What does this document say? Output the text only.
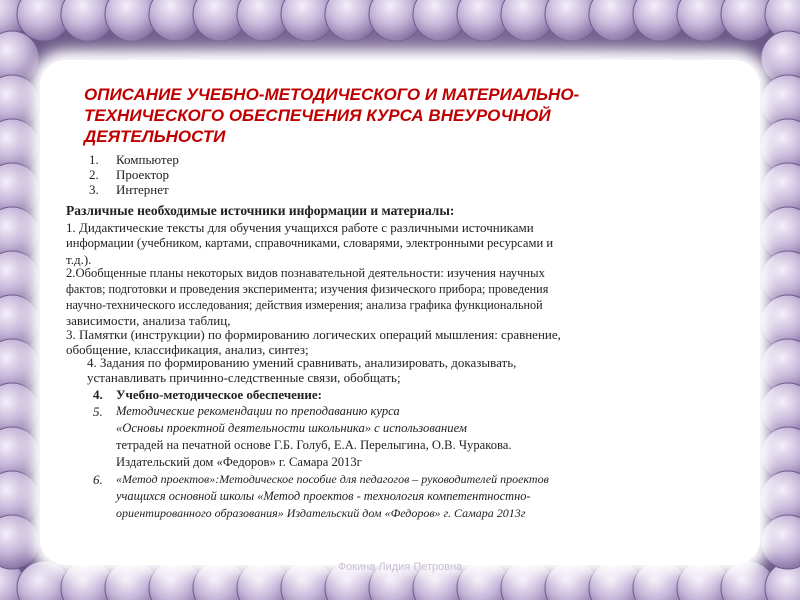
ОПИСАНИЕ УЧЕБНО-МЕТОДИЧЕСКОГО И МАТЕРИАЛЬНО-
ТЕХНИЧЕСКОГО ОБЕСПЕЧЕНИЯ КУРСА ВНЕУРОЧНОЙ
ДЕЯТЕЛЬНОСТИ
1. Компьютер
2. Проектор
3. Интернет
Различные необходимые источники информации и материалы:
1. Дидактические тексты для обучения учащихся работе с различными источниками
информации (учебником, картами, справочниками, словарями, электронными ресурсами и
т.д.).
2.Обобщенные планы некоторых видов познавательной деятельности: изучения научных
фактов; подготовки и проведения эксперимента; изучения физического прибора; проведения
научно-технического исследования; действия измерения; анализа графика функциональной
зависимости, анализа таблиц,
3. Памятки (инструкции) по формированию логических операций мышления: сравнение,
обобщение, классификация, анализ, синтез;
4. Задания по формированию умений сравнивать, анализировать, доказывать,
устанавливать причинно-следственные связи, обобщать;
4. Учебно-методическое обеспечение:
5. Методические рекомендации по преподаванию курса
«Основы проектной деятельности школьника» с использованием
тетрадей на печатной основе Г.Б. Голуб, Е.А. Перелыгина, О.В. Чуракова.
Издательский дом «Федоров» г. Самара 2013г
6. «Метод проектов»:Методическое пособие для педагогов – руководителей проектов
учащихся основной школы «Метод проектов - технология компетентностно-
ориентированного образования» Издательский дом «Федоров» г. Самара 2013г

Фокина Лидия Петровна
